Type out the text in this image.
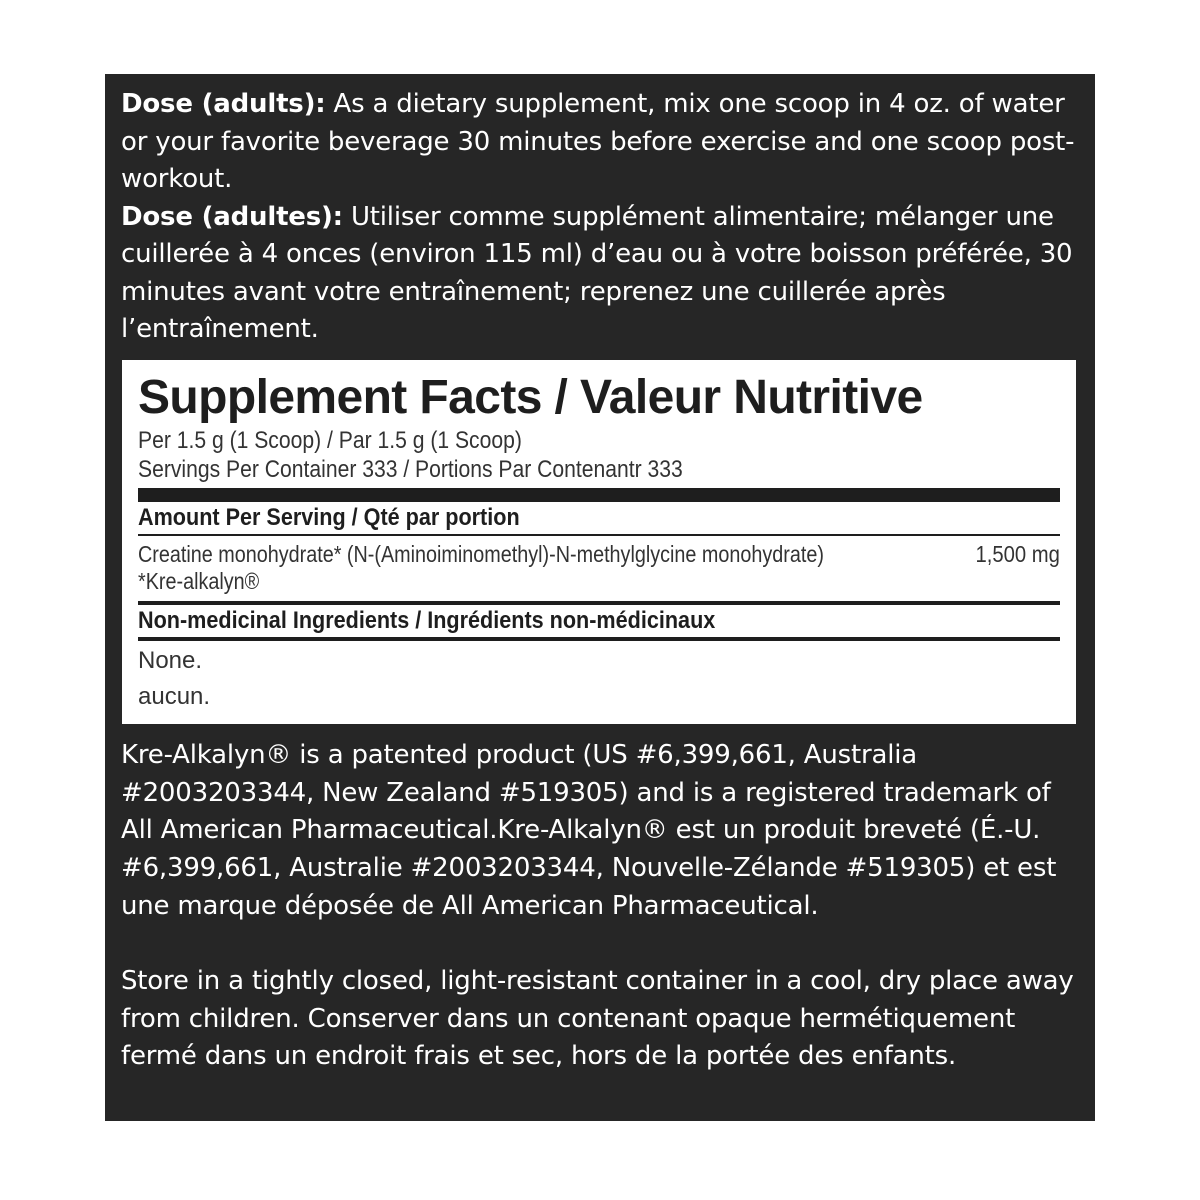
Dose (adults): As a dietary supplement, mix one scoop in 4 oz. of water or your favorite beverage 30 minutes before exercise and one scoop post-workout.

Dose (adultes): Utiliser comme supplément alimentaire; mélanger une cuillerée à 4 onces (environ 115 ml) d’eau ou à votre boisson préférée, 30 minutes avant votre entraînement; reprenez une cuillerée après l’entraînement.

Supplement Facts / Valeur Nutritive
Per 1.5 g (1 Scoop) / Par 1.5 g (1 Scoop)
Servings Per Container 333 / Portions Par Contenantr 333
Amount Per Serving / Qté par portion
Creatine monohydrate* (N-(Aminoiminomethyl)-N-methylglycine monohydrate)	1,500 mg
*Kre-alkalyn®
Non-medicinal Ingredients / Ingrédients non-médicinaux
None.
aucun.

Kre-Alkalyn® is a patented product (US #6,399,661, Australia #2003203344, New Zealand #519305) and is a registered trademark of All American Pharmaceutical.Kre-Alkalyn® est un produit breveté (É.-U. #6,399,661, Australie #2003203344, Nouvelle-Zélande #519305) et est une marque déposée de All American Pharmaceutical.

Store in a tightly closed, light-resistant container in a cool, dry place away from children. Conserver dans un contenant opaque hermétiquement fermé dans un endroit frais et sec, hors de la portée des enfants.
